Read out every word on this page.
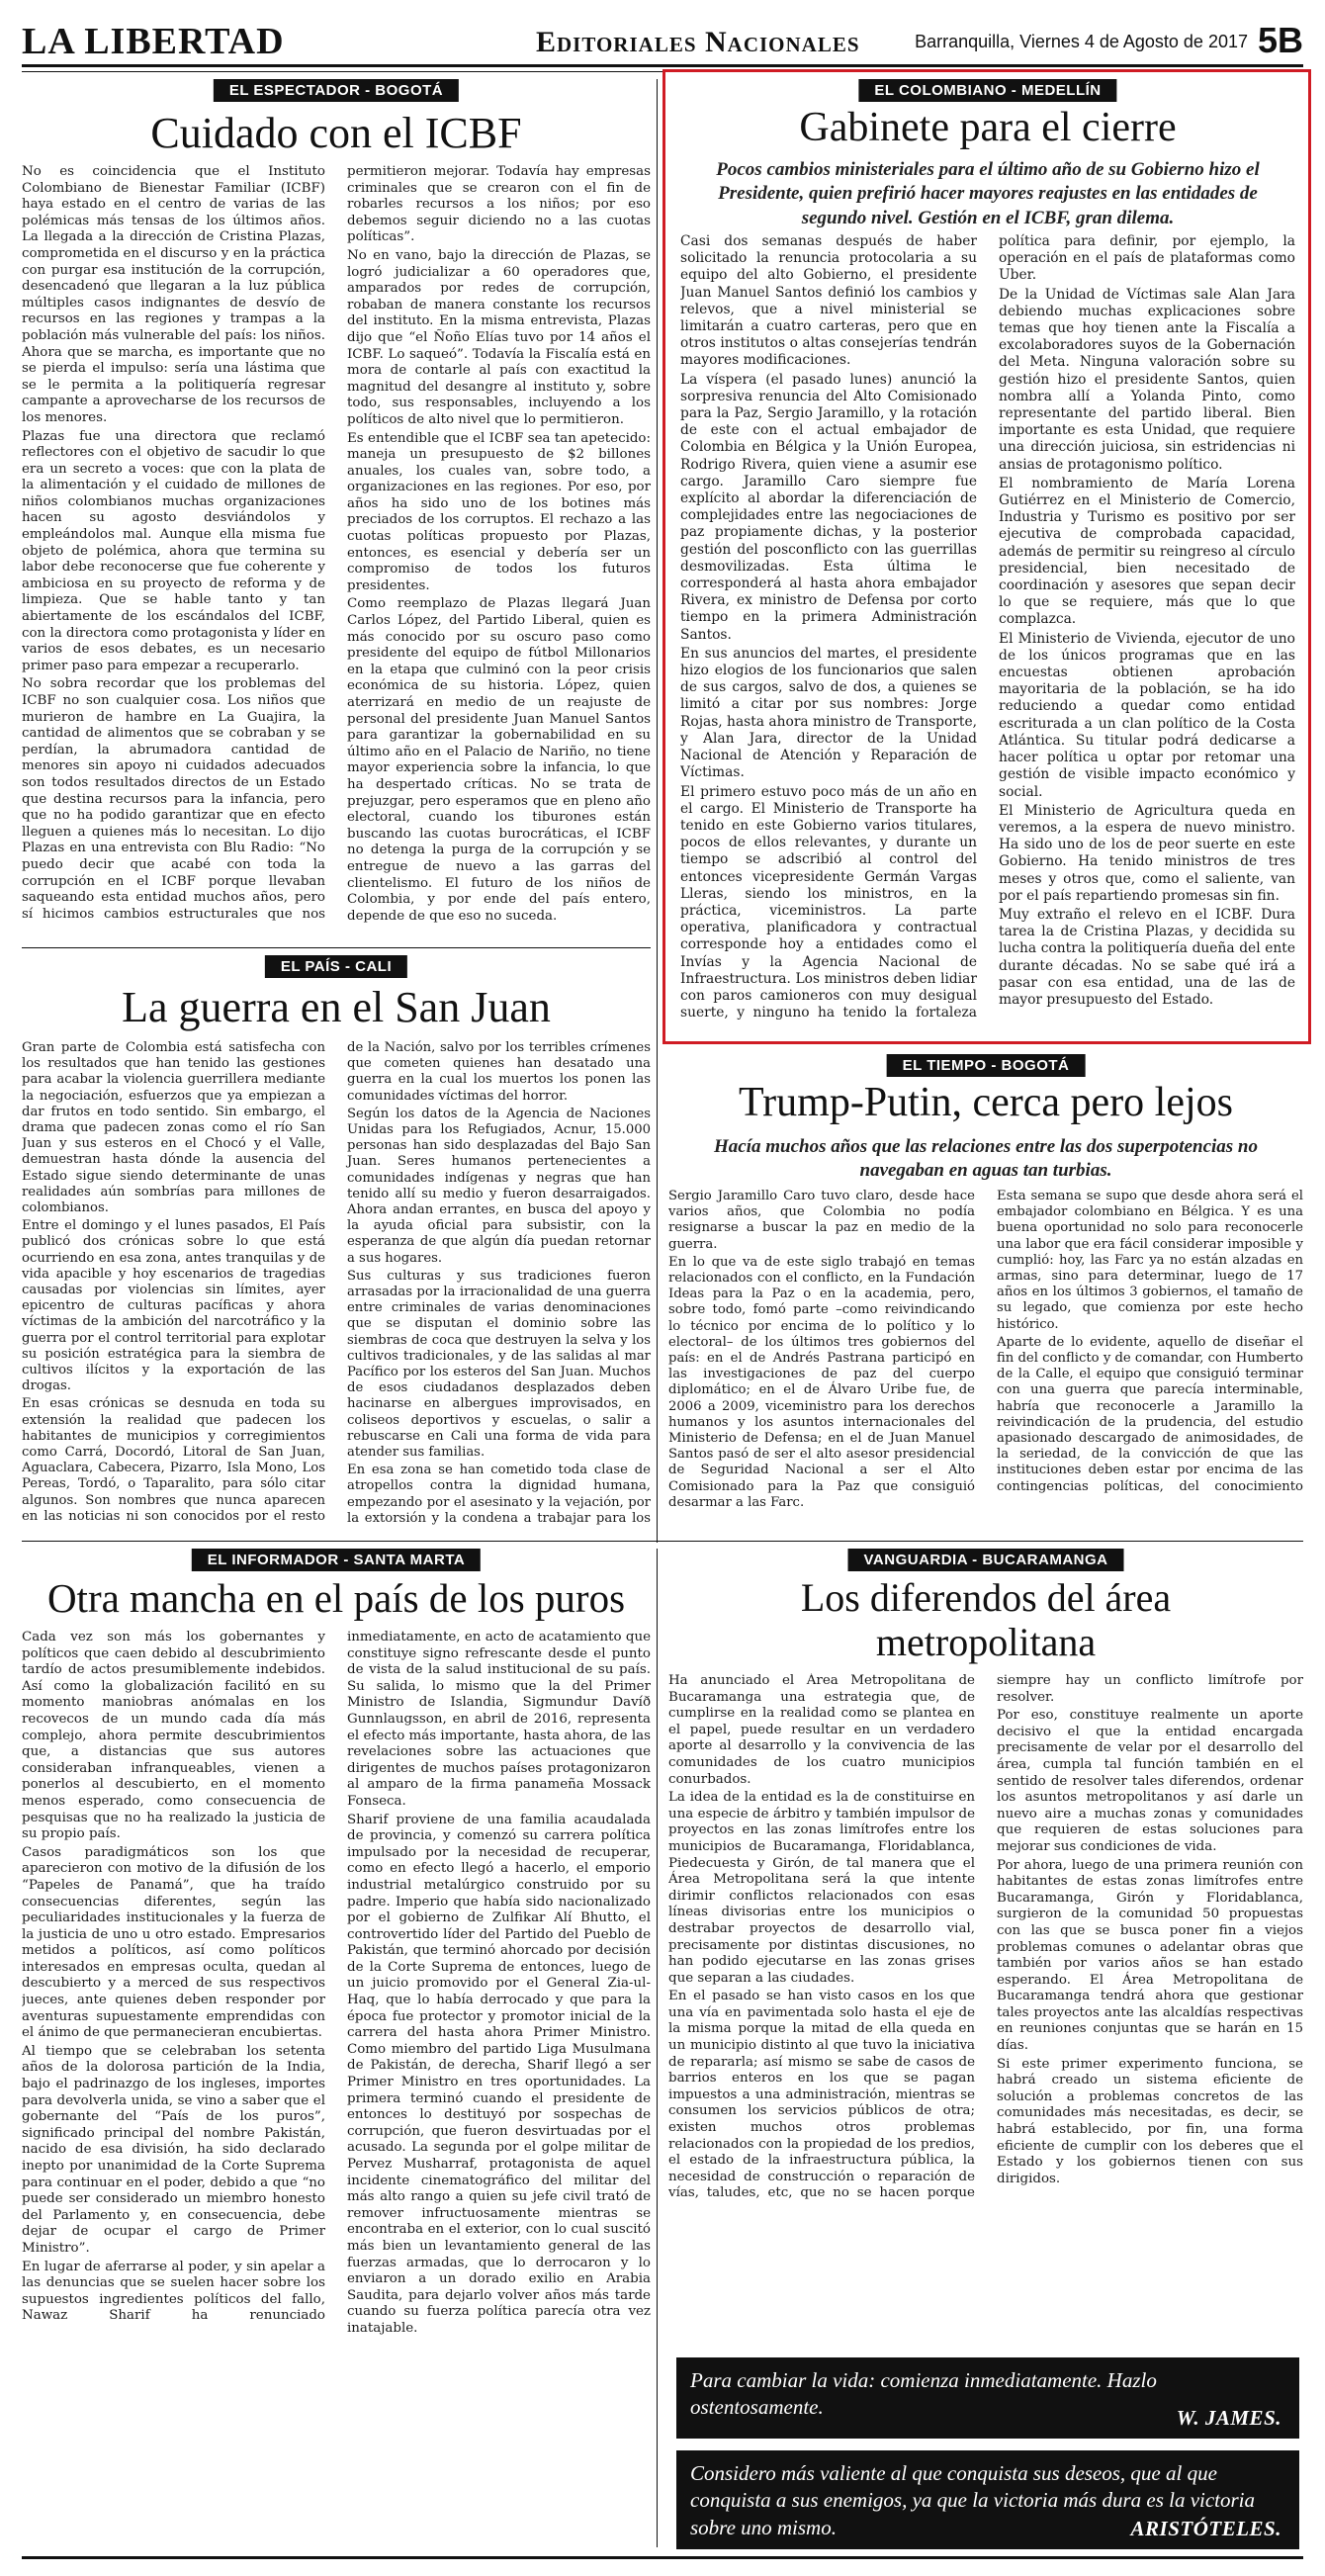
LA LIBERTAD	Editoriales Nacionales	Barranquilla, Viernes 4 de Agosto de 2017 5B
EL ESPECTADOR - BOGOTÁ
Cuidado con el ICBF

No es coincidencia que el Instituto Colombiano de Bienestar Familiar (ICBF) haya estado en el centro de varias de las polémicas más tensas de los últimos años. La llegada a la dirección de Cristina Plazas, comprometida en el discurso y en la práctica con purgar esa institución de la corrupción, desencadenó que llegaran a la luz pública múltiples casos indignantes de desvío de recursos en las regiones y trampas a la población más vulnerable del país: los niños. Ahora que se marcha, es importante que no se pierda el impulso: sería una lástima que se le permita a la politiquería regresar campante a aprovecharse de los recursos de los menores.

Plazas fue una directora que reclamó reflectores con el objetivo de sacudir lo que era un secreto a voces: que con la plata de la alimentación y el cuidado de millones de niños colombianos muchas organizaciones hacen su agosto desviándolos y empleándolos mal. Aunque ella misma fue objeto de polémica, ahora que termina su labor debe reconocerse que fue coherente y ambiciosa en su proyecto de reforma y de limpieza. Que se hable tanto y tan abiertamente de los escándalos del ICBF, con la directora como protagonista y líder en varios de esos debates, es un necesario primer paso para empezar a recuperarlo.

No sobra recordar que los problemas del ICBF no son cualquier cosa. Los niños que murieron de hambre en La Guajira, la cantidad de alimentos que se cobraban y se perdían, la abrumadora cantidad de menores sin apoyo ni cuidados adecuados son todos resultados directos de un Estado que destina recursos para la infancia, pero que no ha podido garantizar que en efecto lleguen a quienes más lo necesitan. Lo dijo Plazas en una entrevista con Blu Radio: “No puedo decir que acabé con toda la corrupción en el ICBF porque llevaban saqueando esta entidad muchos años, pero sí hicimos cambios estructurales que nos permitieron mejorar. Todavía hay empresas criminales que se crearon con el fin de robarles recursos a los niños; por eso debemos seguir diciendo no a las cuotas políticas”.

No en vano, bajo la dirección de Plazas, se logró judicializar a 60 operadores que, amparados por redes de corrupción, robaban de manera constante los recursos del instituto. En la misma entrevista, Plazas dijo que “el Ñoño Elías tuvo por 14 años el ICBF. Lo saqueó”. Todavía la Fiscalía está en mora de contarle al país con exactitud la magnitud del desangre al instituto y, sobre todo, sus responsables, incluyendo a los políticos de alto nivel que lo permitieron.

Es entendible que el ICBF sea tan apetecido: maneja un presupuesto de $2 billones anuales, los cuales van, sobre todo, a organizaciones en las regiones. Por eso, por años ha sido uno de los botines más preciados de los corruptos. El rechazo a las cuotas políticas propuesto por Plazas, entonces, es esencial y debería ser un compromiso de todos los futuros presidentes.

Como reemplazo de Plazas llegará Juan Carlos López, del Partido Liberal, quien es más conocido por su oscuro paso como presidente del equipo de fútbol Millonarios en la etapa que culminó con la peor crisis económica de su historia. López, quien aterrizará en medio de un reajuste de personal del presidente Juan Manuel Santos para garantizar la gobernabilidad en su último año en el Palacio de Nariño, no tiene mayor experiencia sobre la infancia, lo que ha despertado críticas. No se trata de prejuzgar, pero esperamos que en pleno año electoral, cuando los tiburones están buscando las cuotas burocráticas, el ICBF no detenga la purga de la corrupción y se entregue de nuevo a las garras del clientelismo. El futuro de los niños de Colombia, y por ende del país entero, depende de que eso no suceda.

EL COLOMBIANO - MEDELLÍN
Gabinete para el cierre
Pocos cambios ministeriales para el último año de su Gobierno hizo el Presidente, quien prefirió hacer mayores reajustes en las entidades de segundo nivel. Gestión en el ICBF, gran dilema.

Casi dos semanas después de haber solicitado la renuncia protocolaria a su equipo del alto Gobierno, el presidente Juan Manuel Santos definió los cambios y relevos, que a nivel ministerial se limitarán a cuatro carteras, pero que en otros institutos o altas consejerías tendrán mayores modificaciones.

La víspera (el pasado lunes) anunció la sorpresiva renuncia del Alto Comisionado para la Paz, Sergio Jaramillo, y la rotación de este con el actual embajador de Colombia en Bélgica y la Unión Europea, Rodrigo Rivera, quien viene a asumir ese cargo. Jaramillo Caro siempre fue explícito al abordar la diferenciación de complejidades entre las negociaciones de paz propiamente dichas, y la posterior gestión del posconflicto con las guerrillas desmovilizadas. Esta última le corresponderá al hasta ahora embajador Rivera, ex ministro de Defensa por corto tiempo en la primera Administración Santos.

En sus anuncios del martes, el presidente hizo elogios de los funcionarios que salen de sus cargos, salvo de dos, a quienes se limitó a citar por sus nombres: Jorge Rojas, hasta ahora ministro de Transporte, y Alan Jara, director de la Unidad Nacional de Atención y Reparación de Víctimas.

El primero estuvo poco más de un año en el cargo. El Ministerio de Transporte ha tenido en este Gobierno varios titulares, pocos de ellos relevantes, y durante un tiempo se adscribió al control del entonces vicepresidente Germán Vargas Lleras, siendo los ministros, en la práctica, viceministros. La parte operativa, planificadora y contractual corresponde hoy a entidades como el Invías y la Agencia Nacional de Infraestructura. Los ministros deben lidiar con paros camioneros con muy desigual suerte, y ninguno ha tenido la fortaleza política para definir, por ejemplo, la operación en el país de plataformas como Uber.

De la Unidad de Víctimas sale Alan Jara debiendo muchas explicaciones sobre temas que hoy tienen ante la Fiscalía a excolaboradores suyos de la Gobernación del Meta. Ninguna valoración sobre su gestión hizo el presidente Santos, quien nombra allí a Yolanda Pinto, como representante del partido liberal. Bien importante es esta Unidad, que requiere una dirección juiciosa, sin estridencias ni ansias de protagonismo político.

El nombramiento de María Lorena Gutiérrez en el Ministerio de Comercio, Industria y Turismo es positivo por ser ejecutiva de comprobada capacidad, además de permitir su reingreso al círculo presidencial, bien necesitado de coordinación y asesores que sepan decir lo que se requiere, más que lo que complazca.

El Ministerio de Vivienda, ejecutor de uno de los únicos programas que en las encuestas obtienen aprobación mayoritaria de la población, se ha ido reduciendo a quedar como entidad escriturada a un clan político de la Costa Atlántica. Su titular podrá dedicarse a hacer política u optar por retomar una gestión de visible impacto económico y social.

El Ministerio de Agricultura queda en veremos, a la espera de nuevo ministro. Ha sido uno de los de peor suerte en este Gobierno. Ha tenido ministros de tres meses y otros que, como el saliente, van por el país repartiendo promesas sin fin.

Muy extraño el relevo en el ICBF. Dura tarea la de Cristina Plazas, y decidida su lucha contra la politiquería dueña del ente durante décadas. No se sabe qué irá a pasar con esa entidad, una de las de mayor presupuesto del Estado.

EL PAÍS - CALI
La guerra en el San Juan

Gran parte de Colombia está satisfecha con los resultados que han tenido las gestiones para acabar la violencia guerrillera mediante la negociación, esfuerzos que ya empiezan a dar frutos en todo sentido. Sin embargo, el drama que padecen zonas como el río San Juan y sus esteros en el Chocó y el Valle, demuestran hasta dónde la ausencia del Estado sigue siendo determinante de unas realidades aún sombrías para millones de colombianos.

Entre el domingo y el lunes pasados, El País publicó dos crónicas sobre lo que está ocurriendo en esa zona, antes tranquilas y de vida apacible y hoy escenarios de tragedias causadas por violencias sin límites, ayer epicentro de culturas pacíficas y ahora víctimas de la ambición del narcotráfico y la guerra por el control territorial para explotar su posición estratégica para la siembra de cultivos ilícitos y la exportación de las drogas.

En esas crónicas se desnuda en toda su extensión la realidad que padecen los habitantes de municipios y corregimientos como Carrá, Docordó, Litoral de San Juan, Aguaclara, Cabecera, Pizarro, Isla Mono, Los Pereas, Tordó, o Taparalito, para sólo citar algunos. Son nombres que nunca aparecen en las noticias ni son conocidos por el resto de la Nación, salvo por los terribles crímenes que cometen quienes han desatado una guerra en la cual los muertos los ponen las comunidades víctimas del horror.

Según los datos de la Agencia de Naciones Unidas para los Refugiados, Acnur, 15.000 personas han sido desplazadas del Bajo San Juan. Seres humanos pertenecientes a comunidades indígenas y negras que han tenido allí su medio y fueron desarraigados. Ahora andan errantes, en busca del apoyo y la ayuda oficial para subsistir, con la esperanza de que algún día puedan retornar a sus hogares.

Sus culturas y sus tradiciones fueron arrasadas por la irracionalidad de una guerra entre criminales de varias denominaciones que se disputan el dominio sobre las siembras de coca que destruyen la selva y los cultivos tradicionales, y de las salidas al mar Pacífico por los esteros del San Juan. Muchos de esos ciudadanos desplazados deben hacinarse en albergues improvisados, en coliseos deportivos y escuelas, o salir a rebuscarse en Cali una forma de vida para atender sus familias.

En esa zona se han cometido toda clase de atropellos contra la dignidad humana, empezando por el asesinato y la vejación, por la extorsión y la condena a trabajar para los

EL TIEMPO - BOGOTÁ
Trump-Putin, cerca pero lejos
Hacía muchos años que las relaciones entre las dos superpotencias no navegaban en aguas tan turbias.

Sergio Jaramillo Caro tuvo claro, desde hace varios años, que Colombia no podía resignarse a buscar la paz en medio de la guerra.

En lo que va de este siglo trabajó en temas relacionados con el conflicto, en la Fundación Ideas para la Paz o en la academia, pero, sobre todo, fomó parte –como reivindicando lo técnico por encima de lo político y lo electoral– de los últimos tres gobiernos del país: en el de Andrés Pastrana participó en las investigaciones de paz del cuerpo diplomático; en el de Álvaro Uribe fue, de 2006 a 2009, viceministro para los derechos humanos y los asuntos internacionales del Ministerio de Defensa; en el de Juan Manuel Santos pasó de ser el alto asesor presidencial de Seguridad Nacional a ser el Alto Comisionado para la Paz que consiguió desarmar a las Farc.

Esta semana se supo que desde ahora será el embajador colombiano en Bélgica. Y es una buena oportunidad no solo para reconocerle una labor que era fácil considerar imposible y cumplió: hoy, las Farc ya no están alzadas en armas, sino para determinar, luego de 17 años en los últimos 3 gobiernos, el tamaño de su legado, que comienza por este hecho histórico.

Aparte de lo evidente, aquello de diseñar el fin del conflicto y de comandar, con Humberto de la Calle, el equipo que consiguió terminar con una guerra que parecía interminable, habría que reconocerle a Jaramillo la reivindicación de la prudencia, del estudio apasionado descargado de animosidades, de la seriedad, de la convicción de que las instituciones deben estar por encima de las contingencias políticas, del conocimiento

EL INFORMADOR - SANTA MARTA
Otra mancha en el país de los puros

Cada vez son más los gobernantes y políticos que caen debido al descubrimiento tardío de actos presumiblemente indebidos. Así como la globalización facilitó en su momento maniobras anómalas en los recovecos de un mundo cada día más complejo, ahora permite descubrimientos que, a distancias que sus autores consideraban infranqueables, vienen a ponerlos al descubierto, en el momento menos esperado, como consecuencia de pesquisas que no ha realizado la justicia de su propio país.

Casos paradigmáticos son los que aparecieron con motivo de la difusión de los “Papeles de Panamá”, que ha traído consecuencias diferentes, según las peculiaridades institucionales y la fuerza de la justicia de uno u otro estado. Empresarios metidos a políticos, así como políticos interesados en empresas oculta, quedan al descubierto y a merced de sus respectivos jueces, ante quienes deben responder por aventuras supuestamente emprendidas con el ánimo de que permanecieran encubiertas.

Al tiempo que se celebraban los setenta años de la dolorosa partición de la India, bajo el padrinazgo de los ingleses, importes para devolverla unida, se vino a saber que el gobernante del “País de los puros”, significado principal del nombre Pakistán, nacido de esa división, ha sido declarado inepto por unanimidad de la Corte Suprema para continuar en el poder, debido a que “no puede ser considerado un miembro honesto del Parlamento y, en consecuencia, debe dejar de ocupar el cargo de Primer Ministro”.

En lugar de aferrarse al poder, y sin apelar a las denuncias que se suelen hacer sobre los supuestos ingredientes políticos del fallo, Nawaz Sharif ha renunciado inmediatamente, en acto de acatamiento que constituye signo refrescante desde el punto de vista de la salud institucional de su país. Su salida, lo mismo que la del Primer Ministro de Islandia, Sigmundur Davíð Gunnlaugsson, en abril de 2016, representa el efecto más importante, hasta ahora, de las revelaciones sobre las actuaciones que dirigentes de muchos países protagonizaron al amparo de la firma panameña Mossack Fonseca.

Sharif proviene de una familia acaudalada de provincia, y comenzó su carrera política impulsado por la necesidad de recuperar, como en efecto llegó a hacerlo, el emporio industrial metalúrgico construido por su padre. Imperio que había sido nacionalizado por el gobierno de Zulfikar Alí Bhutto, el controvertido líder del Partido del Pueblo de Pakistán, que terminó ahorcado por decisión de la Corte Suprema de entonces, luego de un juicio promovido por el General Zia-ul-Haq, que lo había derrocado y que para la época fue protector y promotor inicial de la carrera del hasta ahora Primer Ministro. Como miembro del partido Liga Musulmana de Pakistán, de derecha, Sharif llegó a ser Primer Ministro en tres oportunidades. La primera terminó cuando el presidente de entonces lo destituyó por sospechas de corrupción, que fueron desvirtuadas por el acusado. La segunda por el golpe militar de Pervez Musharraf, protagonista de aquel incidente cinematográfico del militar del más alto rango a quien su jefe civil trató de remover infructuosamente mientras se encontraba en el exterior, con lo cual suscitó más bien un levantamiento general de las fuerzas armadas, que lo derrocaron y lo enviaron a un dorado exilio en Arabia Saudita, para dejarlo volver años más tarde cuando su fuerza política parecía otra vez inatajable.

VANGUARDIA - BUCARAMANGA
Los diferendos del área metropolitana

Ha anunciado el Área Metropolitana de Bucaramanga una estrategia que, de cumplirse en la realidad como se plantea en el papel, puede resultar en un verdadero aporte al desarrollo y la convivencia de las comunidades de los cuatro municipios conurbados.

La idea de la entidad es la de constituirse en una especie de árbitro y también impulsor de proyectos en las zonas limítrofes entre los municipios de Bucaramanga, Floridablanca, Piedecuesta y Girón, de tal manera que el Área Metropolitana será la que intente dirimir conflictos relacionados con esas líneas divisorias entre los municipios o destrabar proyectos de desarrollo vial, precisamente por distintas discusiones, no han podido ejecutarse en las zonas grises que separan a las ciudades.

En el pasado se han visto casos en los que una vía en pavimentada solo hasta el eje de la misma porque la mitad de ella queda en un municipio distinto al que tuvo la iniciativa de repararla; así mismo se sabe de casos de barrios enteros en los que se pagan impuestos a una administración, mientras se consumen los servicios públicos de otra; existen muchos otros problemas relacionados con la propiedad de los predios, el estado de la infraestructura pública, la necesidad de construcción o reparación de vías, taludes, etc, que no se hacen porque siempre hay un conflicto limítrofe por resolver.

Por eso, constituye realmente un aporte decisivo el que la entidad encargada precisamente de velar por el desarrollo del área, cumpla tal función también en el sentido de resolver tales diferendos, ordenar los asuntos metropolitanos y así darle un nuevo aire a muchas zonas y comunidades que requieren de estas soluciones para mejorar sus condiciones de vida.

Por ahora, luego de una primera reunión con habitantes de estas zonas limítrofes entre Bucaramanga, Girón y Floridablanca, surgieron de la comunidad 50 propuestas con las que se busca poner fin a viejos problemas comunes o adelantar obras que también por varios años se han estado esperando. El Área Metropolitana de Bucaramanga tendrá ahora que gestionar tales proyectos ante las alcaldías respectivas en reuniones conjuntas que se harán en 15 días.

Si este primer experimento funciona, se habrá creado un sistema eficiente de solución a problemas concretos de las comunidades más necesitadas, es decir, se habrá establecido, por fin, una forma eficiente de cumplir con los deberes que el Estado y los gobiernos tienen con sus dirigidos.

Para cambiar la vida: comienza inmediatamente. Hazlo ostentosamente.	W. JAMES.
Considero más valiente al que conquista sus deseos, que al que conquista a sus enemigos, ya que la victoria más dura es la victoria sobre uno mismo.	ARISTÓTELES.
